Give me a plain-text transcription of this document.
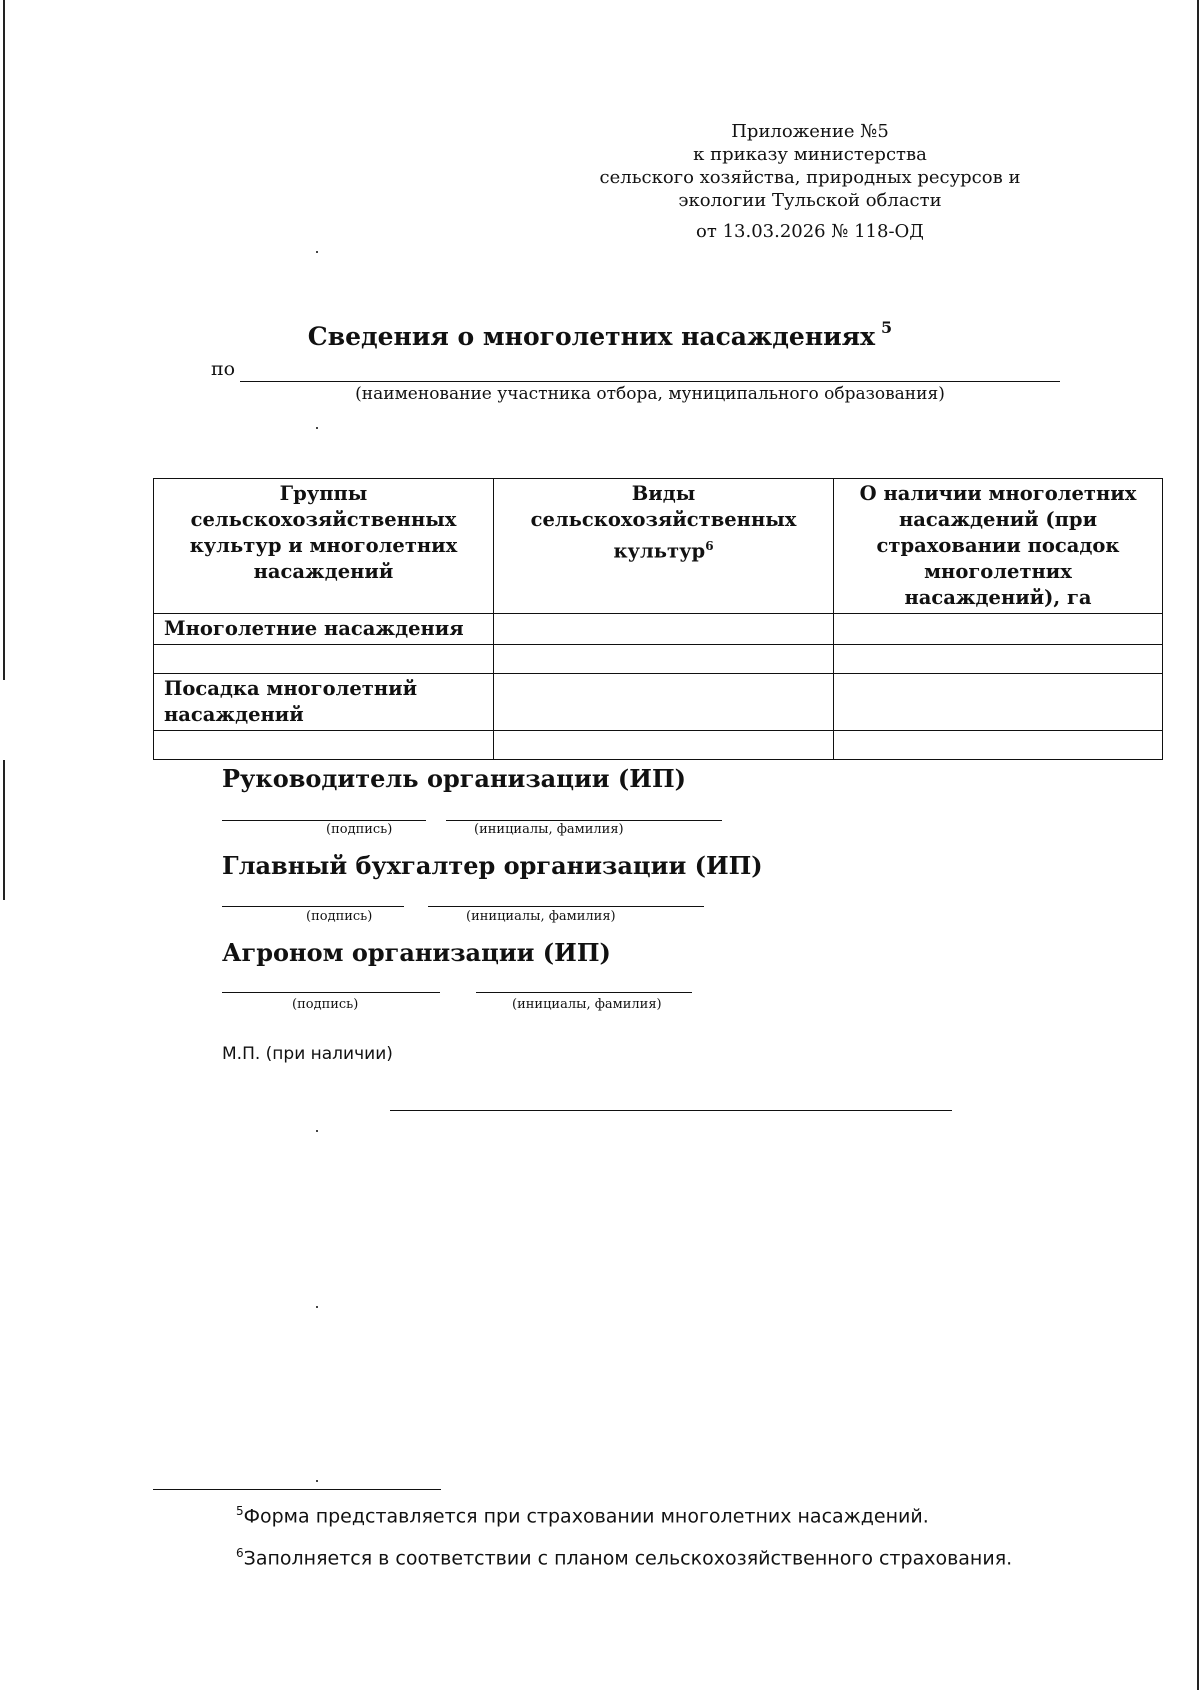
Приложение №5
к приказу министерства
сельского хозяйства, природных ресурсов и
экологии Тульской области
от 13.03.2026 № 118-ОД
Сведения о многолетних насаждениях $^5$
по
(наименование участника отбора, муниципального образования)
Группы сельскохозяйственных культур и многолетних насаждений	Виды сельскохозяйственных культур$^6$	О наличии многолетних насаждений (при страховании посадок многолетних насаждений), га
Многолетние насаждения		

Посадка многолетний насаждений		

Руководитель организации (ИП)
(подпись)	(инициалы, фамилия)
Главный бухгалтер организации (ИП)
(подпись)	(инициалы, фамилия)
Агроном организации (ИП)
(подпись)	(инициалы, фамилия)
М.П. (при наличии)
$^5$Форма представляется при страховании многолетних насаждений.
$^6$Заполняется в соответствии с планом сельскохозяйственного страхования.
